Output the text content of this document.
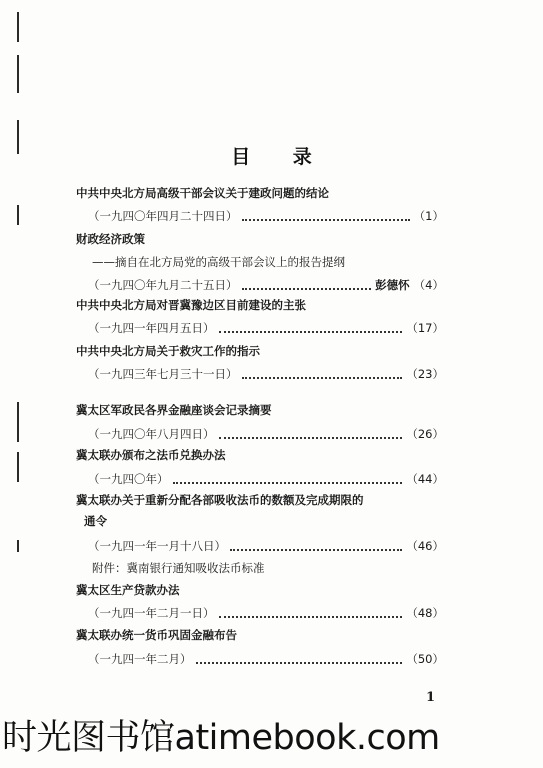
目 录
中共中央北方局高级干部会议关于建政问题的结论
（一九四〇年四月二十四日）	（1）
财政经济政策
——摘自在北方局党的高级干部会议上的报告提纲
（一九四〇年九月二十五日）	彭德怀 （4）
中共中央北方局对晋冀豫边区目前建设的主张
（一九四一年四月五日）	（17）
中共中央北方局关于救灾工作的指示
（一九四三年七月三十一日）	（23）
冀太区军政民各界金融座谈会记录摘要
（一九四〇年八月四日）	（26）
冀太联办颁布之法币兑换办法
（一九四〇年）	（44）
冀太联办关于重新分配各部吸收法币的数额及完成期限的
通令
（一九四一年一月十八日）	（46）
附件：冀南银行通知吸收法币标准
冀太区生产贷款办法
（一九四一年二月一日）	（48）
冀太联办统一货币巩固金融布告
（一九四一年二月）	（50）
1
时光图书馆atimebook.com
